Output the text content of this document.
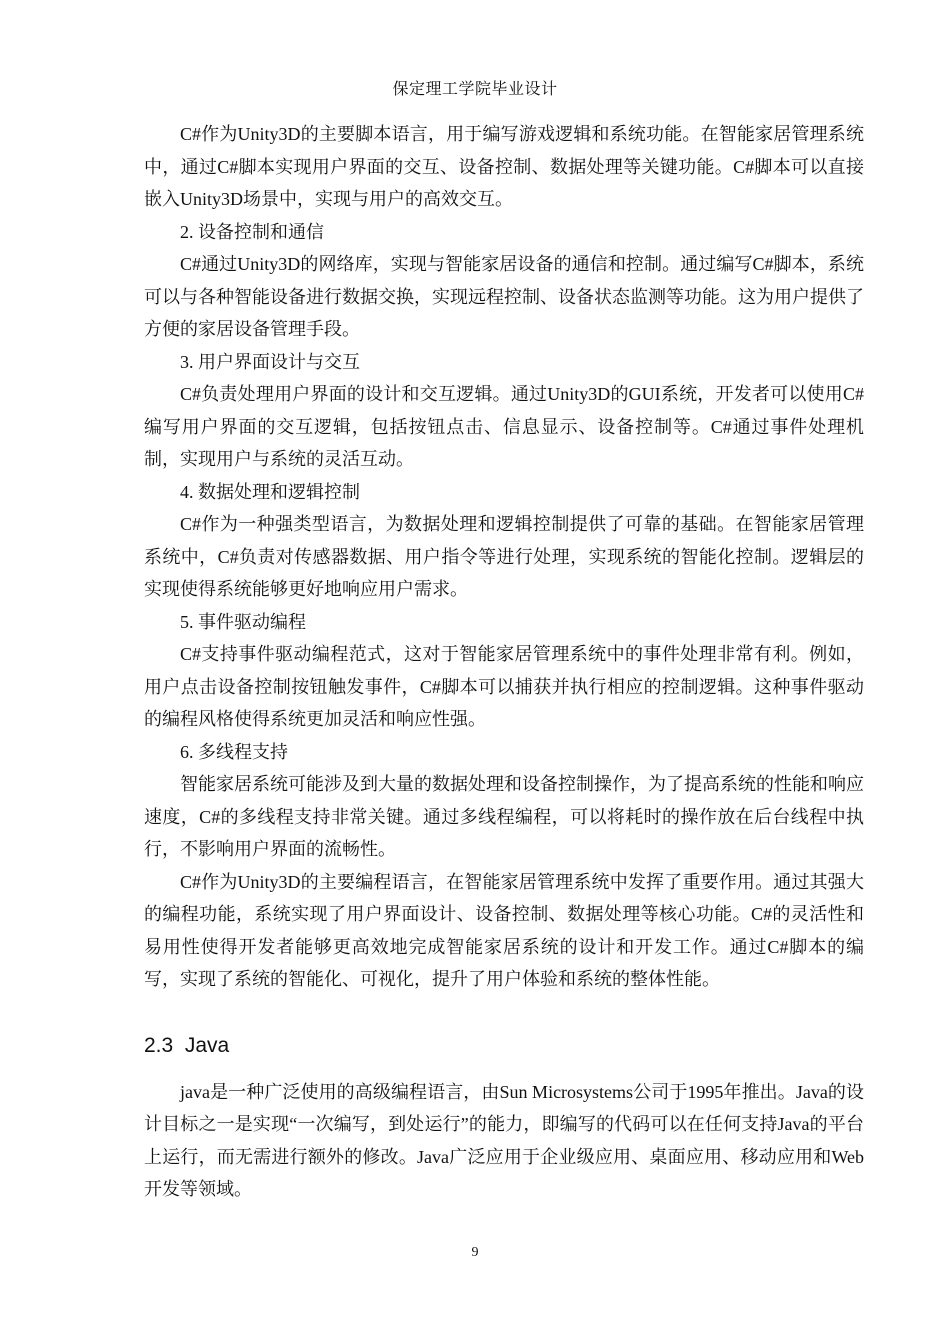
保定理工学院毕业设计

C#作为Unity3D的主要脚本语言，用于编写游戏逻辑和系统功能。在智能家居管理系统中，通过C#脚本实现用户界面的交互、设备控制、数据处理等关键功能。C#脚本可以直接嵌入Unity3D场景中，实现与用户的高效交互。

2. 设备控制和通信

C#通过Unity3D的网络库，实现与智能家居设备的通信和控制。通过编写C#脚本，系统可以与各种智能设备进行数据交换，实现远程控制、设备状态监测等功能。这为用户提供了方便的家居设备管理手段。

3. 用户界面设计与交互

C#负责处理用户界面的设计和交互逻辑。通过Unity3D的GUI系统，开发者可以使用C#编写用户界面的交互逻辑，包括按钮点击、信息显示、设备控制等。C#通过事件处理机制，实现用户与系统的灵活互动。

4. 数据处理和逻辑控制

C#作为一种强类型语言，为数据处理和逻辑控制提供了可靠的基础。在智能家居管理系统中，C#负责对传感器数据、用户指令等进行处理，实现系统的智能化控制。逻辑层的实现使得系统能够更好地响应用户需求。

5. 事件驱动编程

C#支持事件驱动编程范式，这对于智能家居管理系统中的事件处理非常有利。例如，用户点击设备控制按钮触发事件，C#脚本可以捕获并执行相应的控制逻辑。这种事件驱动的编程风格使得系统更加灵活和响应性强。

6. 多线程支持

智能家居系统可能涉及到大量的数据处理和设备控制操作，为了提高系统的性能和响应速度，C#的多线程支持非常关键。通过多线程编程，可以将耗时的操作放在后台线程中执行，不影响用户界面的流畅性。

C#作为Unity3D的主要编程语言，在智能家居管理系统中发挥了重要作用。通过其强大的编程功能，系统实现了用户界面设计、设备控制、数据处理等核心功能。C#的灵活性和易用性使得开发者能够更高效地完成智能家居系统的设计和开发工作。通过C#脚本的编写，实现了系统的智能化、可视化，提升了用户体验和系统的整体性能。

2.3  Java

java是一种广泛使用的高级编程语言，由Sun Microsystems公司于1995年推出。Java的设计目标之一是实现“一次编写，到处运行”的能力，即编写的代码可以在任何支持Java的平台上运行，而无需进行额外的修改。Java广泛应用于企业级应用、桌面应用、移动应用和Web开发等领域。

9
